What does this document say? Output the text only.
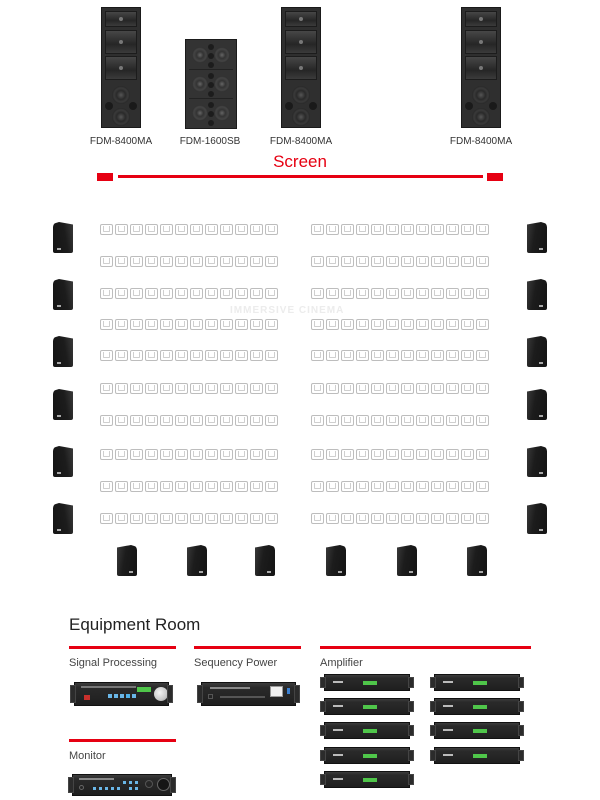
FDM-8400MA	FDM-1600SB	FDM-8400MA	FDM-8400MA
Screen
IMMERSIVE CINEMA
Equipment Room
Signal Processing	Sequency Power	Amplifier
Monitor
